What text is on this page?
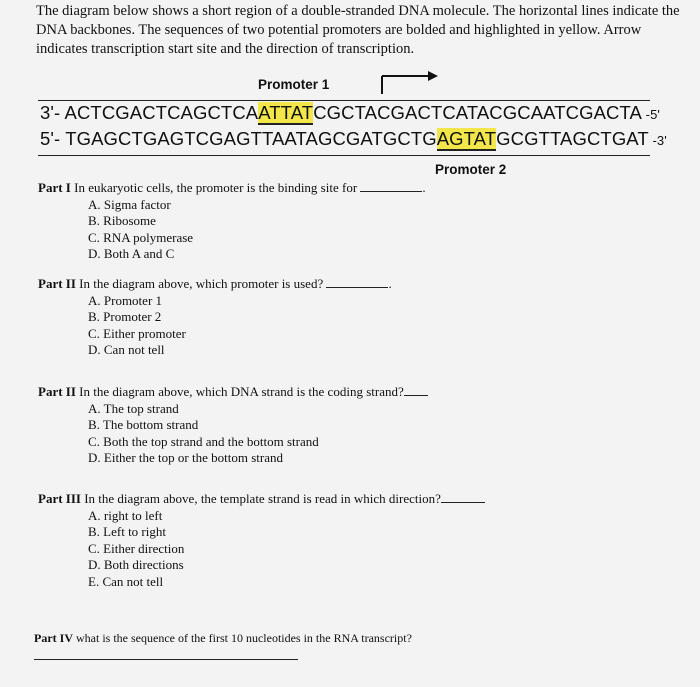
The diagram below shows a short region of a double-stranded DNA molecule. The horizontal lines indicate the DNA backbones. The sequences of two potential promoters are bolded and highlighted in yellow. Arrow indicates transcription start site and the direction of transcription.
Promoter 1
3'- ACTCGACTCAGCTCAATTATCGCTACGACTCATACGCAATCGACTA -5'
5'- TGAGCTGAGTCGAGTTAATAGCGATGCTGAGTATGCGTTAGCTGAT -3'
Promoter 2
Part I In eukaryotic cells, the promoter is the binding site for	.
A. Sigma factor
B. Ribosome
C. RNA polymerase
D. Both A and C
Part II In the diagram above, which promoter is used?	.
A. Promoter 1
B. Promoter 2
C. Either promoter
D. Can not tell
Part II In the diagram above, which DNA strand is the coding strand?
A. The top strand
B. The bottom strand
C. Both the top strand and the bottom strand
D. Either the top or the bottom strand
Part III In the diagram above, the template strand is read in which direction?
A. right to left
B. Left to right
C. Either direction
D. Both directions
E. Can not tell
Part IV what is the sequence of the first 10 nucleotides in the RNA transcript?
